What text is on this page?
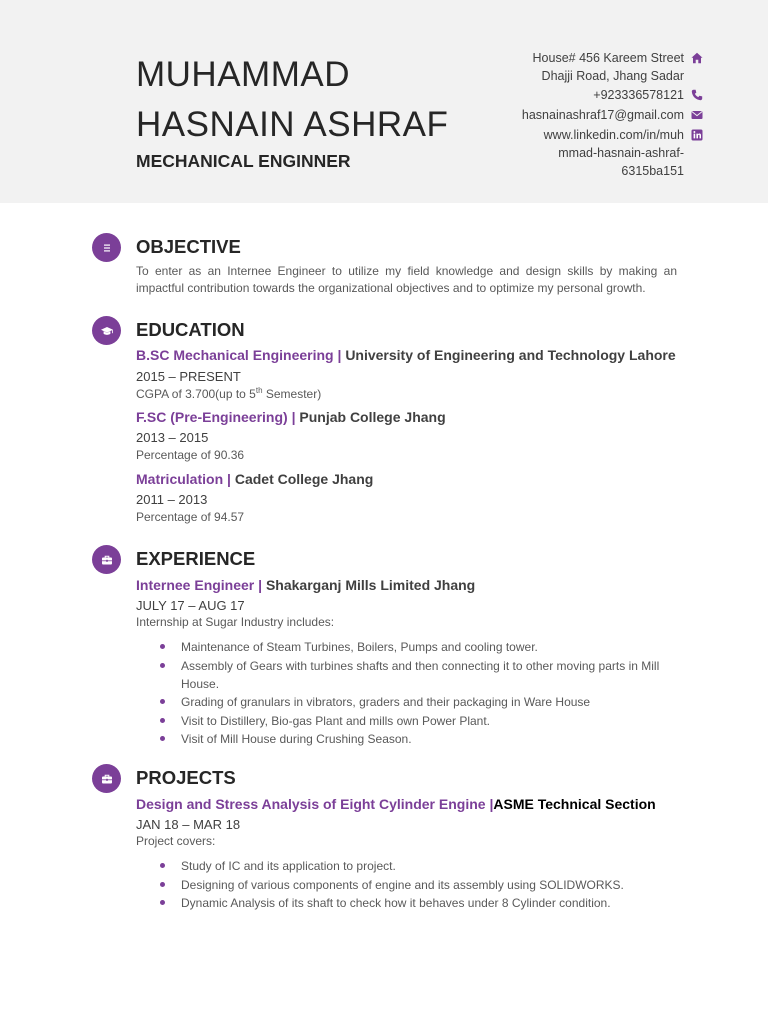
MUHAMMAD
HASNAIN ASHRAF
MECHANICAL ENGINNER
House# 456 Kareem Street
Dhajji Road, Jhang Sadar
+923336578121
hasnainashraf17@gmail.com
www.linkedin.com/in/muh
mmad-hasnain-ashraf-
6315ba151
OBJECTIVE
To enter as an Internee Engineer to utilize my field knowledge and design skills by making an impactful contribution towards the organizational objectives and to optimize my personal growth.
EDUCATION
B.SC Mechanical Engineering | University of Engineering and Technology Lahore
2015 – PRESENT
CGPA of 3.700(up to 5th Semester)
F.SC (Pre-Engineering) | Punjab College Jhang
2013 – 2015
Percentage of 90.36
Matriculation | Cadet College Jhang
2011 – 2013
Percentage of 94.57
EXPERIENCE
Internee Engineer | Shakarganj Mills Limited Jhang
JULY 17 – AUG 17
Internship at Sugar Industry includes:
Maintenance of Steam Turbines, Boilers, Pumps and cooling tower.
Assembly of Gears with turbines shafts and then connecting it to other moving parts in Mill House.
Grading of granulars in vibrators, graders and their packaging in Ware House
Visit to Distillery, Bio-gas Plant and mills own Power Plant.
Visit of Mill House during Crushing Season.
PROJECTS
Design and Stress Analysis of Eight Cylinder Engine |ASME Technical Section
JAN 18 – MAR 18
Project covers:
Study of IC and its application to project.
Designing of various components of engine and its assembly using SOLIDWORKS.
Dynamic Analysis of its shaft to check how it behaves under 8 Cylinder condition.
